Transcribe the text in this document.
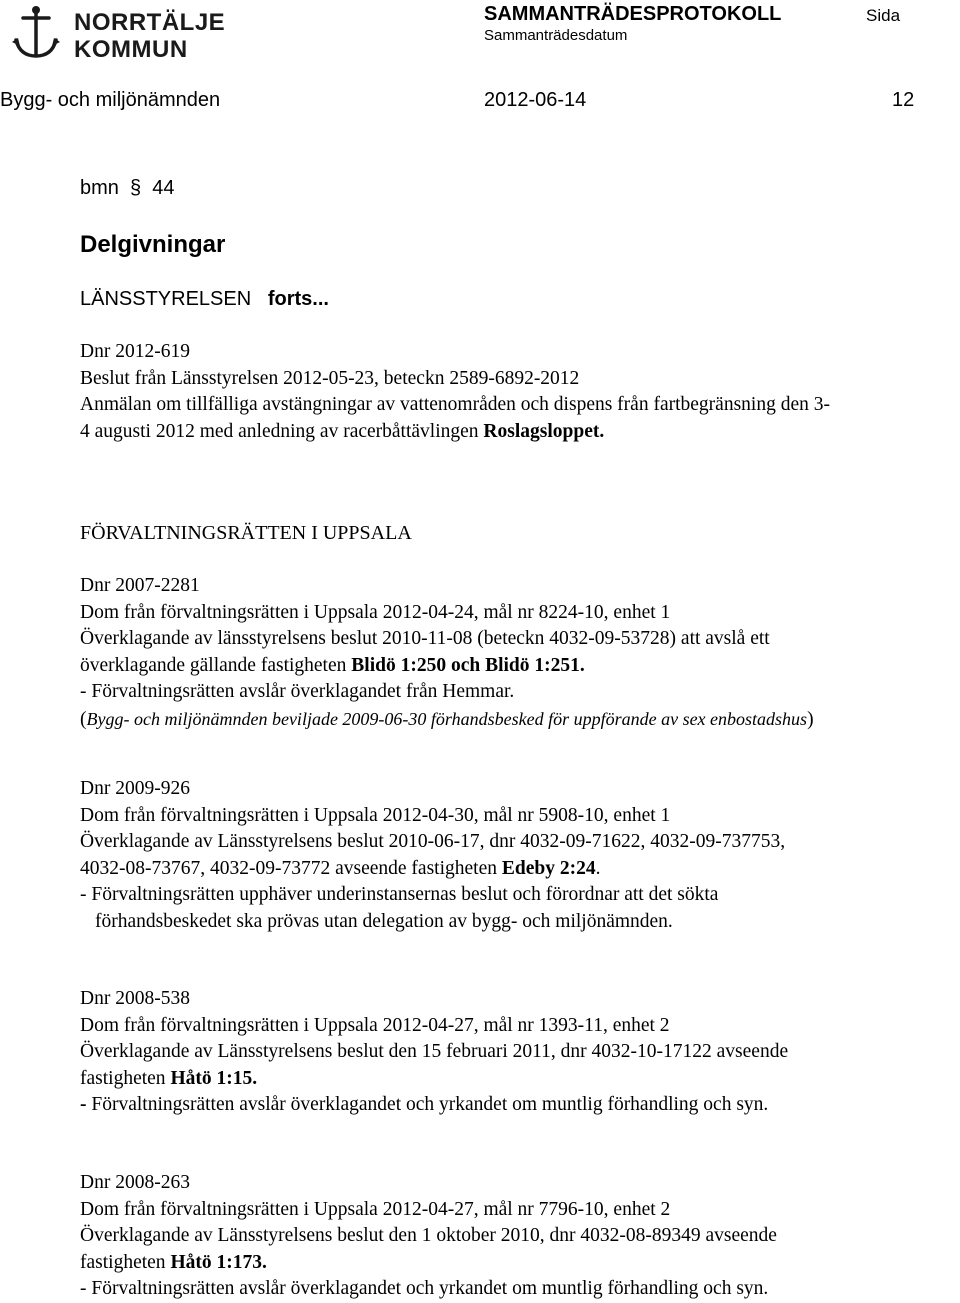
NORRTÄLJE
KOMMUN
SAMMANTRÄDESPROTOKOLL	Sida
Sammanträdesdatum
Bygg- och miljönämnden	2012-06-14	12
bmn § 44
Delgivningar
LÄNSSTYRELSEN forts...
Dnr 2012-619
Beslut från Länsstyrelsen 2012-05-23, beteckn 2589-6892-2012
Anmälan om tillfälliga avstängningar av vattenområden och dispens från fartbegränsning den 3-
4 augusti 2012 med anledning av racerbåttävlingen Roslagsloppet.
FÖRVALTNINGSRÄTTEN I UPPSALA
Dnr 2007-2281
Dom från förvaltningsrätten i Uppsala 2012-04-24, mål nr 8224-10, enhet 1
Överklagande av länsstyrelsens beslut 2010-11-08 (beteckn 4032-09-53728) att avslå ett
överklagande gällande fastigheten Blidö 1:250 och Blidö 1:251.
- Förvaltningsrätten avslår överklagandet från Hemmar.
(Bygg- och miljönämnden beviljade 2009-06-30 förhandsbesked för uppförande av sex enbostadshus)
Dnr 2009-926
Dom från förvaltningsrätten i Uppsala 2012-04-30, mål nr 5908-10, enhet 1
Överklagande av Länsstyrelsens beslut 2010-06-17, dnr 4032-09-71622, 4032-09-737753,
4032-08-73767, 4032-09-73772 avseende fastigheten Edeby 2:24.
- Förvaltningsrätten upphäver underinstansernas beslut och förordnar att det sökta
förhandsbeskedet ska prövas utan delegation av bygg- och miljönämnden.
Dnr 2008-538
Dom från förvaltningsrätten i Uppsala 2012-04-27, mål nr 1393-11, enhet 2
Överklagande av Länsstyrelsens beslut den 15 februari 2011, dnr 4032-10-17122 avseende
fastigheten Håtö 1:15.
- Förvaltningsrätten avslår överklagandet och yrkandet om muntlig förhandling och syn.
Dnr 2008-263
Dom från förvaltningsrätten i Uppsala 2012-04-27, mål nr 7796-10, enhet 2
Överklagande av Länsstyrelsens beslut den 1 oktober 2010, dnr 4032-08-89349 avseende
fastigheten Håtö 1:173.
- Förvaltningsrätten avslår överklagandet och yrkandet om muntlig förhandling och syn.
